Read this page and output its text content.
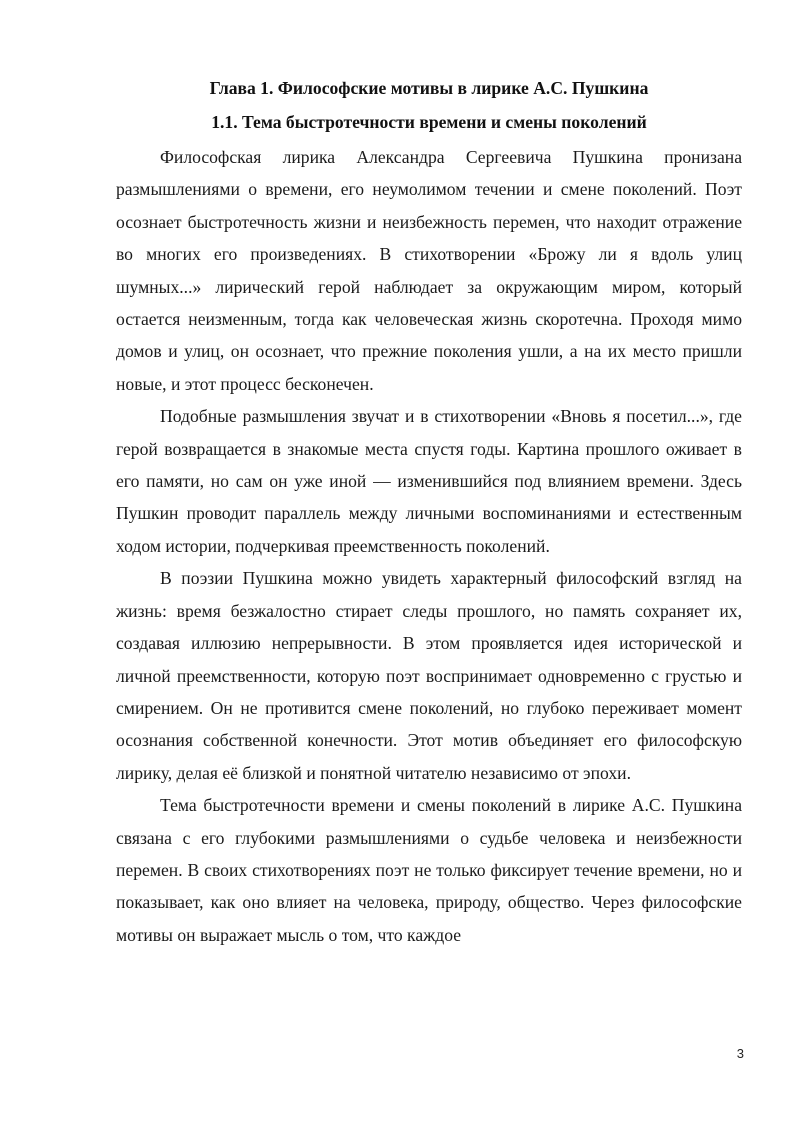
Глава 1. Философские мотивы в лирике А.С. Пушкина
1.1. Тема быстротечности времени и смены поколений

Философская лирика Александра Сергеевича Пушкина пронизана размышлениями о времени, его неумолимом течении и смене поколений. Поэт осознает быстротечность жизни и неизбежность перемен, что находит отражение во многих его произведениях. В стихотворении «Брожу ли я вдоль улиц шумных...» лирический герой наблюдает за окружающим миром, который остается неизменным, тогда как человеческая жизнь скоротечна. Проходя мимо домов и улиц, он осознает, что прежние поколения ушли, а на их место пришли новые, и этот процесс бесконечен.

Подобные размышления звучат и в стихотворении «Вновь я посетил...», где герой возвращается в знакомые места спустя годы. Картина прошлого оживает в его памяти, но сам он уже иной — изменившийся под влиянием времени. Здесь Пушкин проводит параллель между личными воспоминаниями и естественным ходом истории, подчеркивая преемственность поколений.

В поэзии Пушкина можно увидеть характерный философский взгляд на жизнь: время безжалостно стирает следы прошлого, но память сохраняет их, создавая иллюзию непрерывности. В этом проявляется идея исторической и личной преемственности, которую поэт воспринимает одновременно с грустью и смирением. Он не противится смене поколений, но глубоко переживает момент осознания собственной конечности. Этот мотив объединяет его философскую лирику, делая её близкой и понятной читателю независимо от эпохи.

Тема быстротечности времени и смены поколений в лирике А.С. Пушкина связана с его глубокими размышлениями о судьбе человека и неизбежности перемен. В своих стихотворениях поэт не только фиксирует течение времени, но и показывает, как оно влияет на человека, природу, общество. Через философские мотивы он выражает мысль о том, что каждое

3
